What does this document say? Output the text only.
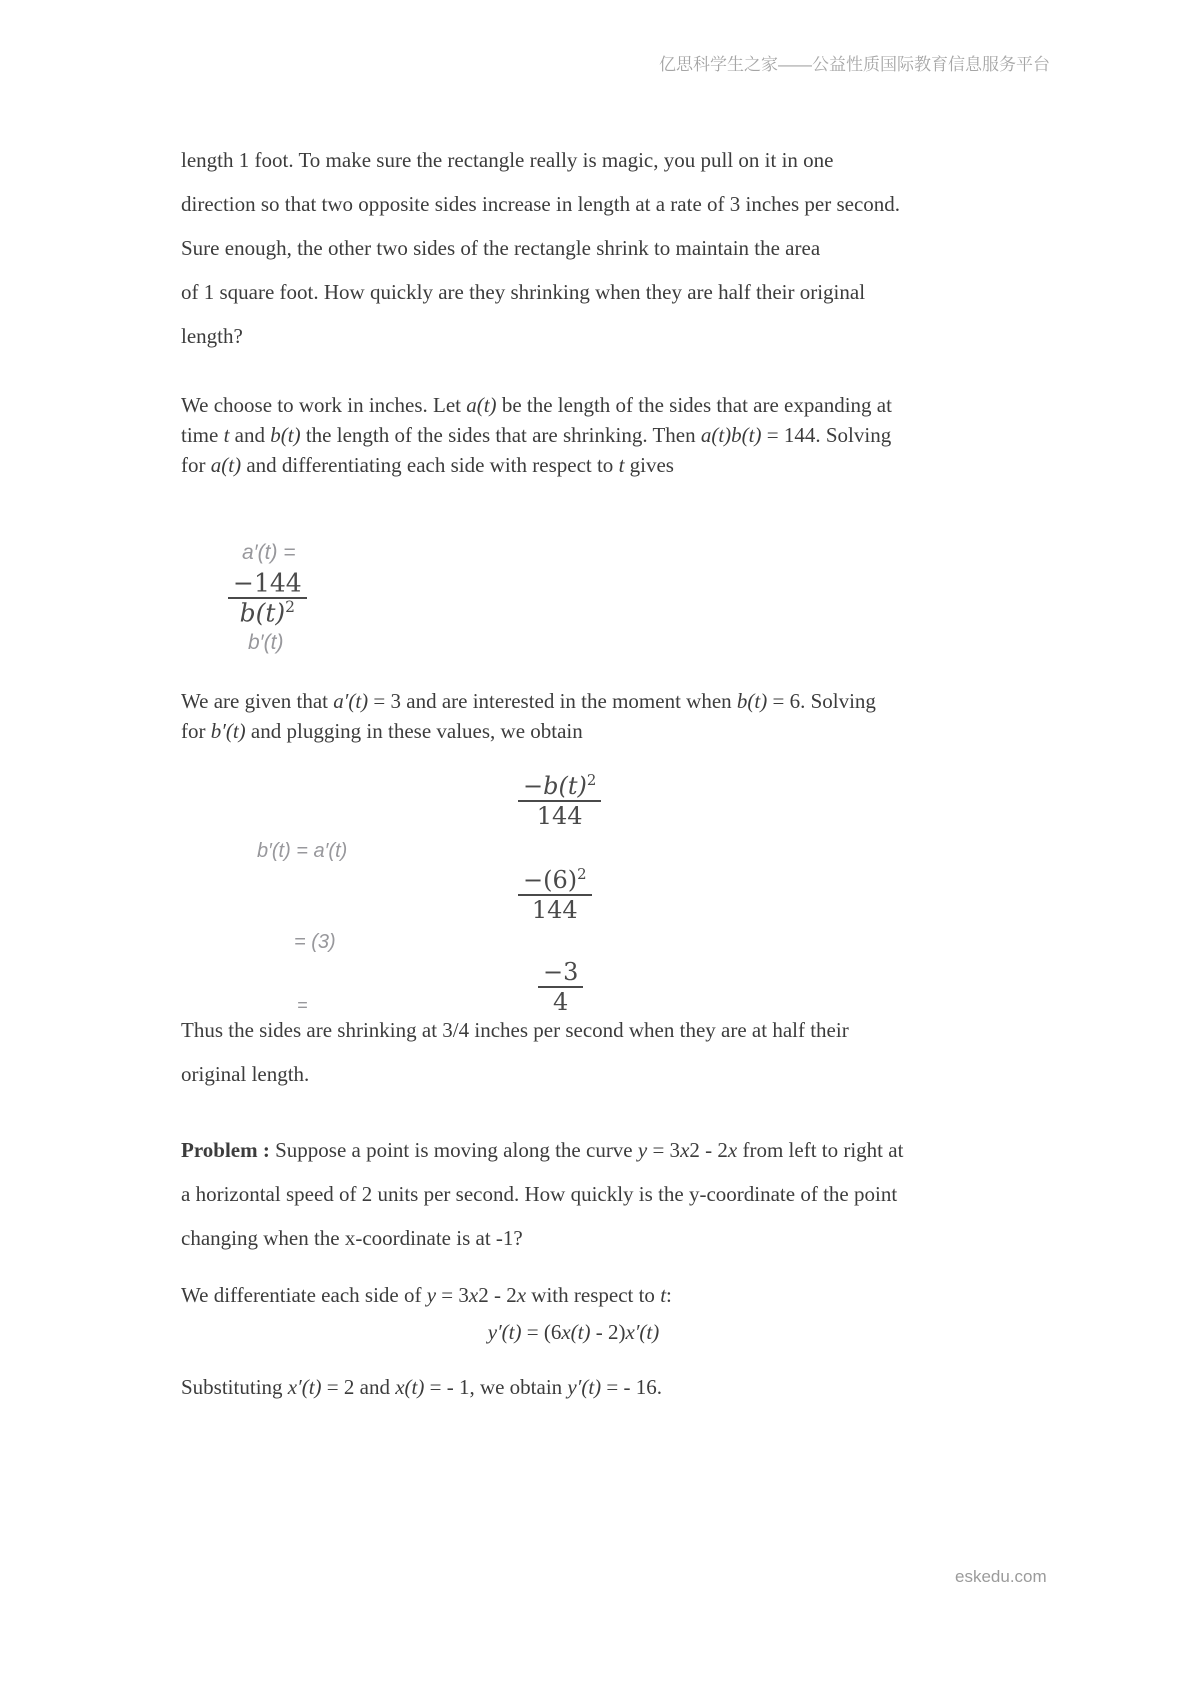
亿思科学生之家——公益性质国际教育信息服务平台
length 1 foot. To make sure the rectangle really is magic, you pull on it in one
direction so that two opposite sides increase in length at a rate of 3 inches per second.
Sure enough, the other two sides of the rectangle shrink to maintain the area
of 1 square foot. How quickly are they shrinking when they are half their original
length?
We choose to work in inches. Let a(t) be the length of the sides that are expanding at
time t and b(t) the length of the sides that are shrinking. Then a(t)b(t) = 144. Solving
for a(t) and differentiating each side with respect to t gives
a′(t) =
$\frac{-144}{b(t)^2}$
b′(t)
We are given that a′(t) = 3 and are interested in the moment when b(t) = 6. Solving
for b′(t) and plugging in these values, we obtain
$\frac{-b(t)^2}{144}$
b′(t) = a′(t)
$\frac{-(6)^2}{144}$
= (3)
$\frac{-3}{4}$
=
Thus the sides are shrinking at 3/4 inches per second when they are at half their
original length.
Problem : Suppose a point is moving along the curve y = 3x2 - 2x from left to right at
a horizontal speed of 2 units per second. How quickly is the y-coordinate of the point
changing when the x-coordinate is at -1?
We differentiate each side of y = 3x2 - 2x with respect to t:
y′(t) = (6x(t) - 2)x′(t)
Substituting x′(t) = 2 and x(t) = - 1, we obtain y′(t) = - 16.
eskedu.com
